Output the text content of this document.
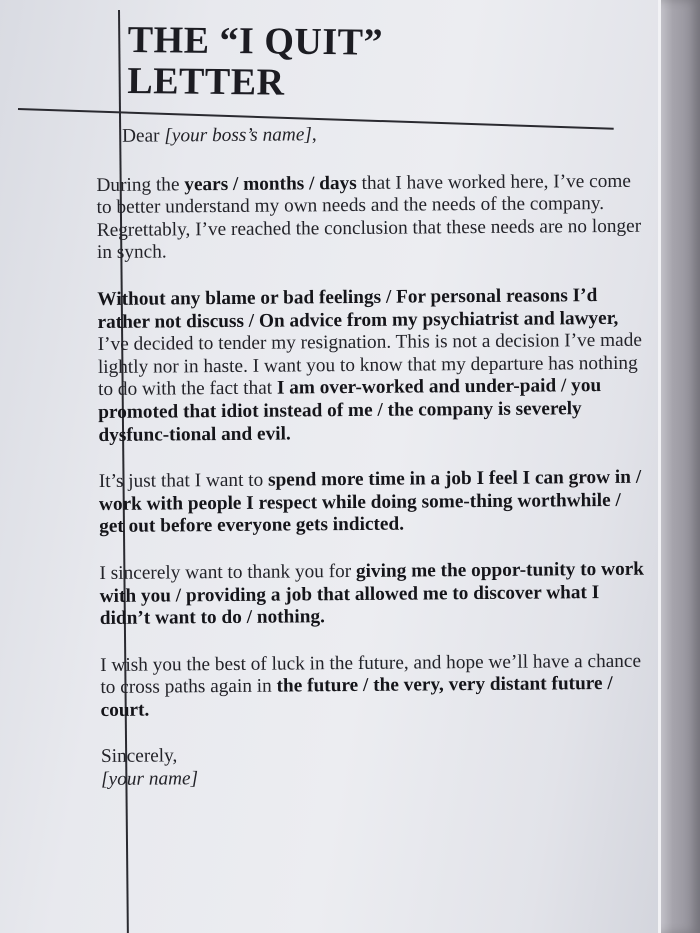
THE “I QUIT”
LETTER

Dear [your boss’s name],

During the years / months / days that I have worked here, I’ve come to better understand my own needs and the needs of the company. Regrettably, I’ve reached the conclusion that these needs are no longer in synch.

Without any blame or bad feelings / For personal reasons I’d rather not discuss / On advice from my psychiatrist and lawyer, I’ve decided to tender my resignation. This is not a decision I’ve made lightly nor in haste. I want you to know that my departure has nothing to do with the fact that I am over-worked and under-paid / you promoted that idiot instead of me / the company is severely dysfunc-tional and evil.

It’s just that I want to spend more time in a job I feel I can grow in / work with people I respect while doing some-thing worthwhile / get out before everyone gets indicted.

I sincerely want to thank you for giving me the oppor-tunity to work with you / providing a job that allowed me to discover what I didn’t want to do / nothing.

I wish you the best of luck in the future, and hope we’ll have a chance to cross paths again in the future / the very, very distant future / court.

Sincerely,
[your name]
